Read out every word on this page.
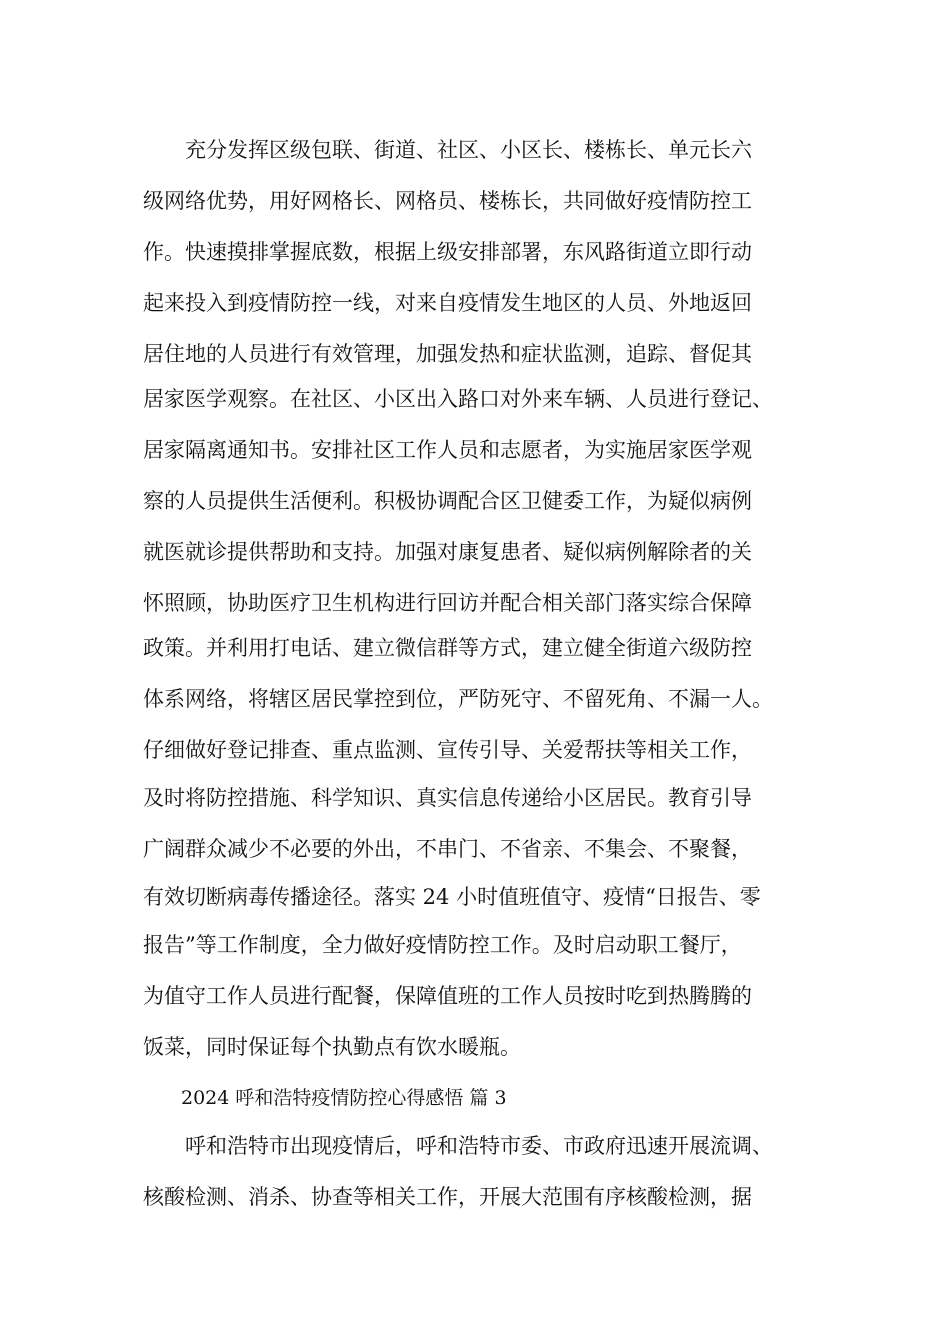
　　充分发挥区级包联、街道、社区、小区长、楼栋长、单元长六
级网络优势，用好网格长、网格员、楼栋长，共同做好疫情防控工
作。快速摸排掌握底数，根据上级安排部署，东风路街道立即行动
起来投入到疫情防控一线，对来自疫情发生地区的人员、外地返回
居住地的人员进行有效管理，加强发热和症状监测，追踪、督促其
居家医学观察。在社区、小区出入路口对外来车辆、人员进行登记、
居家隔离通知书。安排社区工作人员和志愿者，为实施居家医学观
察的人员提供生活便利。积极协调配合区卫健委工作，为疑似病例
就医就诊提供帮助和支持。加强对康复患者、疑似病例解除者的关
怀照顾，协助医疗卫生机构进行回访并配合相关部门落实综合保障
政策。并利用打电话、建立微信群等方式，建立健全街道六级防控
体系网络，将辖区居民掌控到位，严防死守、不留死角、不漏一人。
仔细做好登记排查、重点监测、宣传引导、关爱帮扶等相关工作，
及时将防控措施、科学知识、真实信息传递给小区居民。教育引导
广阔群众减少不必要的外出，不串门、不省亲、不集会、不聚餐，
有效切断病毒传播途径。落实 24 小时值班值守、疫情“日报告、零
报告”等工作制度，全力做好疫情防控工作。及时启动职工餐厅，
为值守工作人员进行配餐，保障值班的工作人员按时吃到热腾腾的
饭菜，同时保证每个执勤点有饮水暖瓶。
　　2024 呼和浩特疫情防控心得感悟 篇 3
　　呼和浩特市出现疫情后，呼和浩特市委、市政府迅速开展流调、
核酸检测、消杀、协查等相关工作，开展大范围有序核酸检测，据
